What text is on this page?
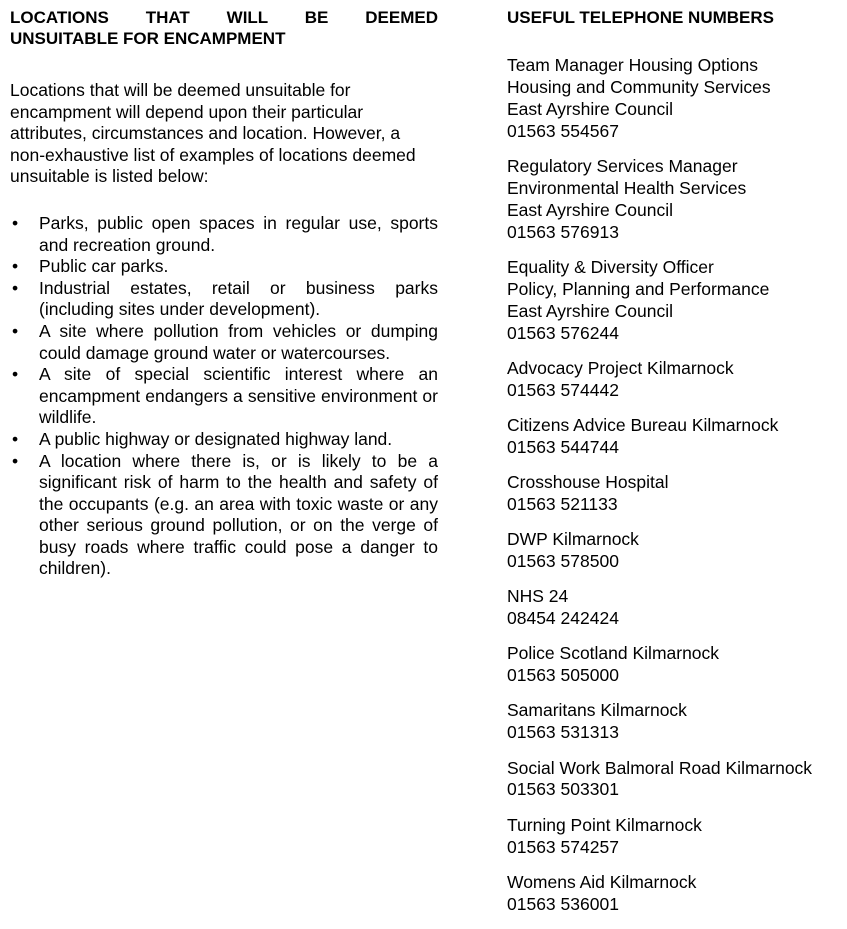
LOCATIONS THAT WILL BE DEEMED
UNSUITABLE FOR ENCAMPMENT

Locations that will be deemed unsuitable for encampment will depend upon their particular attributes, circumstances and location. However, a non-exhaustive list of examples of locations deemed unsuitable is listed below:

• Parks, public open spaces in regular use, sports and recreation ground.
• Public car parks.
• Industrial estates, retail or business parks (including sites under development).
• A site where pollution from vehicles or dumping could damage ground water or watercourses.
• A site of special scientific interest where an encampment endangers a sensitive environment or wildlife.
• A public highway or designated highway land.
• A location where there is, or is likely to be a significant risk of harm to the health and safety of the occupants (e.g. an area with toxic waste or any other serious ground pollution, or on the verge of busy roads where traffic could pose a danger to children).
USEFUL TELEPHONE NUMBERS
Team Manager Housing Options
Housing and Community Services
East Ayrshire Council
01563 554567
Regulatory Services Manager
Environmental Health Services
East Ayrshire Council
01563 576913
Equality & Diversity Officer
Policy, Planning and Performance
East Ayrshire Council
01563 576244
Advocacy Project Kilmarnock
01563 574442
Citizens Advice Bureau Kilmarnock
01563 544744
Crosshouse Hospital
01563 521133
DWP Kilmarnock
01563 578500
NHS 24
08454 242424
Police Scotland Kilmarnock
01563 505000
Samaritans Kilmarnock
01563 531313
Social Work Balmoral Road Kilmarnock
01563 503301
Turning Point Kilmarnock
01563 574257
Womens Aid Kilmarnock
01563 536001
